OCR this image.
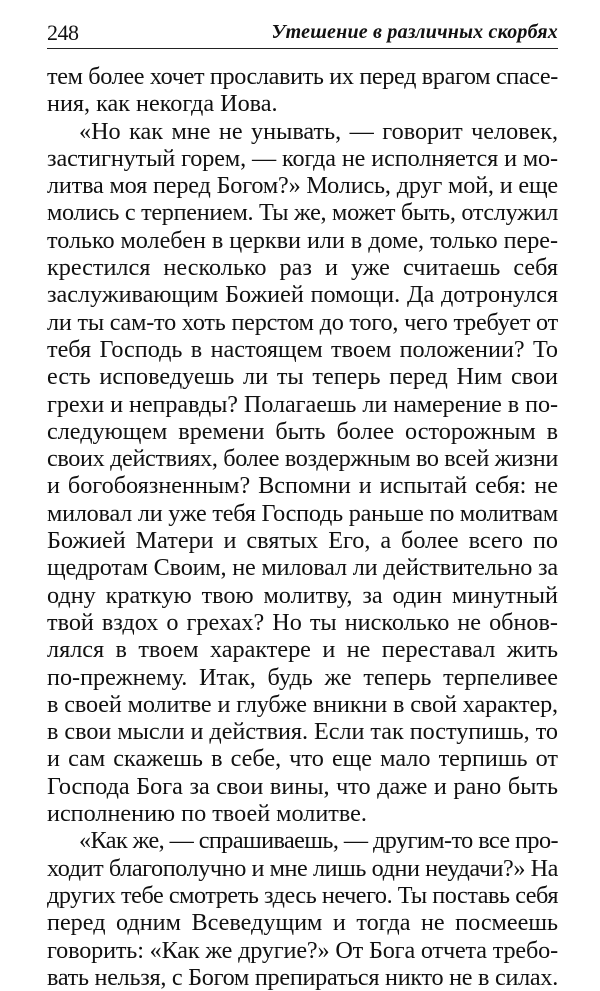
248	Утешение в различных скорбях
тем более хочет прославить их перед врагом спасе-
ния, как некогда Иова.
«Но как мне не унывать, — говорит человек,
застигнутый горем, — когда не исполняется и мо-
литва моя перед Богом?» Молись, друг мой, и еще
молись с терпением. Ты же, может быть, отслужил
только молебен в церкви или в доме, только пере-
крестился несколько раз и уже считаешь себя
заслуживающим Божией помощи. Да дотронулся
ли ты сам-то хоть перстом до того, чего требует от
тебя Господь в настоящем твоем положении? То
есть исповедуешь ли ты теперь перед Ним свои
грехи и неправды? Полагаешь ли намерение в по-
следующем времени быть более осторожным в
своих действиях, более воздержным во всей жизни
и богобоязненным? Вспомни и испытай себя: не
миловал ли уже тебя Господь раньше по молитвам
Божией Матери и святых Его, а более всего по
щедротам Своим, не миловал ли действительно за
одну краткую твою молитву, за один минутный
твой вздох о грехах? Но ты нисколько не обнов-
лялся в твоем характере и не переставал жить
по-прежнему. Итак, будь же теперь терпеливее
в своей молитве и глубже вникни в свой характер,
в свои мысли и действия. Если так поступишь, то
и сам скажешь в себе, что еще мало терпишь от
Господа Бога за свои вины, что даже и рано быть
исполнению по твоей молитве.
«Как же, — спрашиваешь, — другим-то все про-
ходит благополучно и мне лишь одни неудачи?» На
других тебе смотреть здесь нечего. Ты поставь себя
перед одним Всеведущим и тогда не посмеешь
говорить: «Как же другие?» От Бога отчета требо-
вать нельзя, с Богом препираться никто не в силах.
